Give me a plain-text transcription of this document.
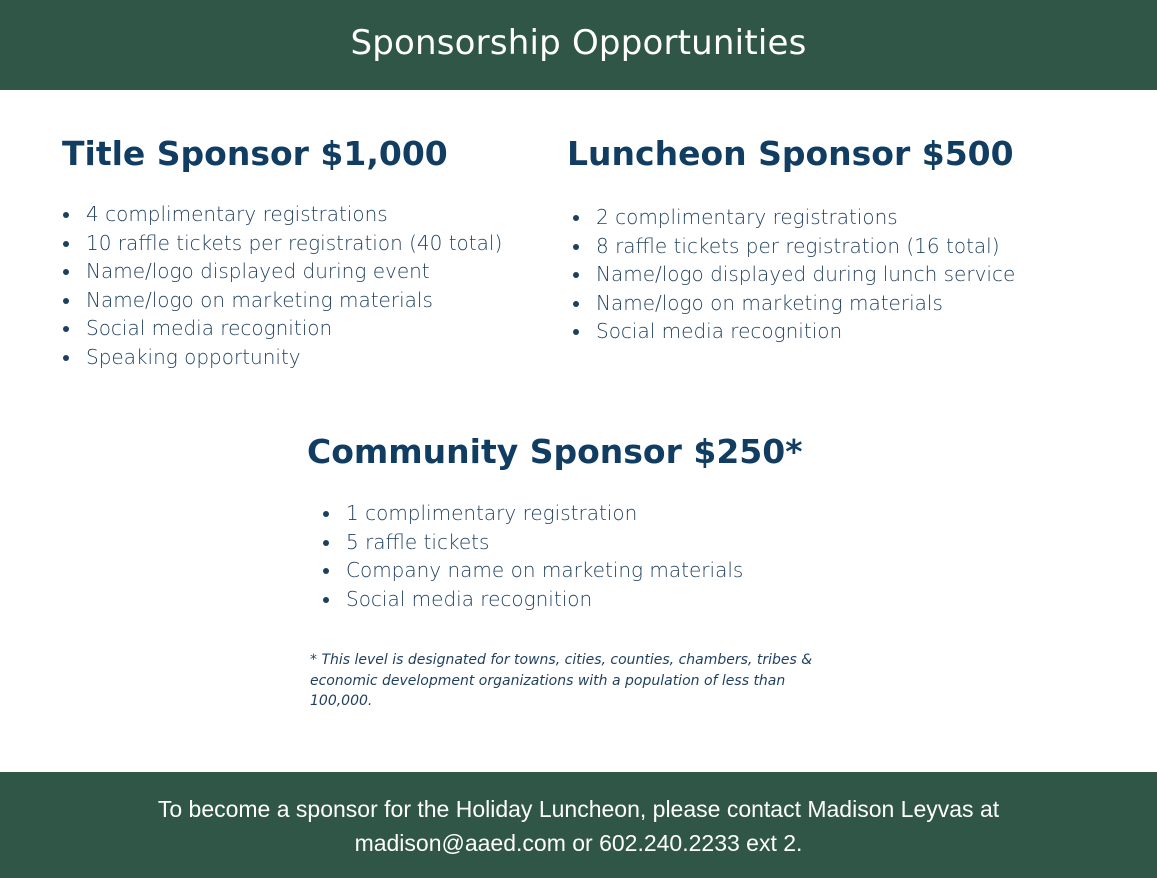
Sponsorship Opportunities
Title Sponsor $1,000
4 complimentary registrations
10 raffle tickets per registration (40 total)
Name/logo displayed during event
Name/logo on marketing materials
Social media recognition
Speaking opportunity
Luncheon Sponsor $500
2 complimentary registrations
8 raffle tickets per registration (16 total)
Name/logo displayed during lunch service
Name/logo on marketing materials
Social media recognition
Community Sponsor $250*
1 complimentary registration
5 raffle tickets
Company name on marketing materials
Social media recognition

* This level is designated for towns, cities, counties, chambers, tribes & economic development organizations with a population of less than 100,000.

To become a sponsor for the Holiday Luncheon, please contact Madison Leyvas at
madison@aaed.com or 602.240.2233 ext 2.
